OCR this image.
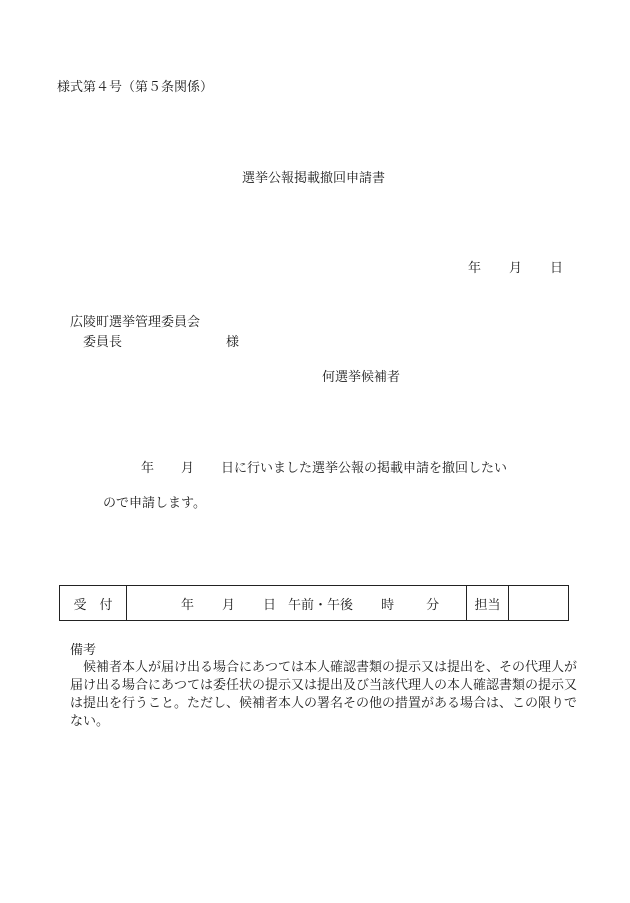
様式第４号（第５条関係）
選挙公報掲載撤回申請書
年 月 日
広陵町選挙管理委員会
委員長	様
何選挙候補者
年 月 日に行いました選挙公報の掲載申請を撤回したい
ので申請します。
受　付	年 月 日 午前・午後 時 分	担当
備考
候補者本人が届け出る場合にあつては本人確認書類の提示又は提出を、その代理人が届け出る場合にあつては委任状の提示又は提出及び当該代理人の本人確認書類の提示又は提出を行うこと。ただし、候補者本人の署名その他の措置がある場合は、この限りでない。
